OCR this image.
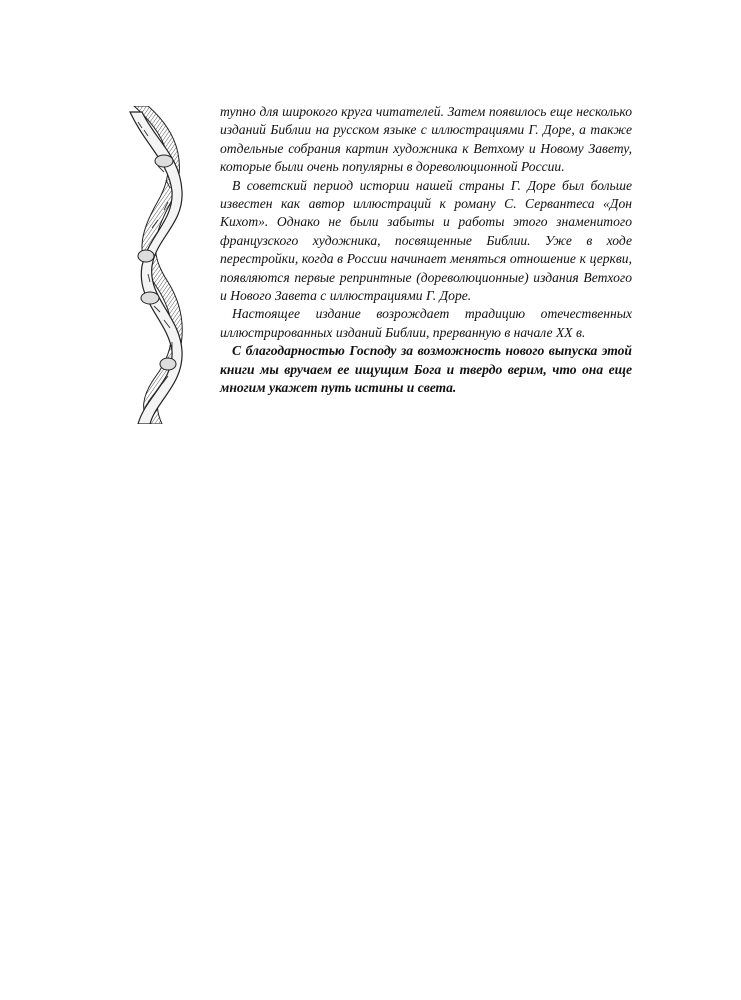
тупно для широкого круга читателей. Затем появилось еще несколько изданий Библии на русском языке с иллюстрациями Г. Доре, а также отдельные собрания картин художника к Ветхому и Новому Завету, которые были очень популярны в дореволюционной России.

В советский период истории нашей страны Г. Доре был больше известен как автор иллюстраций к роману С. Сервантеса «Дон Кихот». Однако не были забыты и работы этого знаменитого французского художника, посвященные Библии. Уже в ходе перестройки, когда в России начинает меняться отношение к церкви, появляются первые репринтные (дореволюционные) издания Ветхого и Нового Завета с иллюстрациями Г. Доре.

Настоящее издание возрождает традицию отечественных иллюстрированных изданий Библии, прерванную в начале XX в.

С благодарностью Господу за возможность нового выпуска этой книги мы вручаем ее ищущим Бога и твердо верим, что она еще многим укажет путь истины и света.
